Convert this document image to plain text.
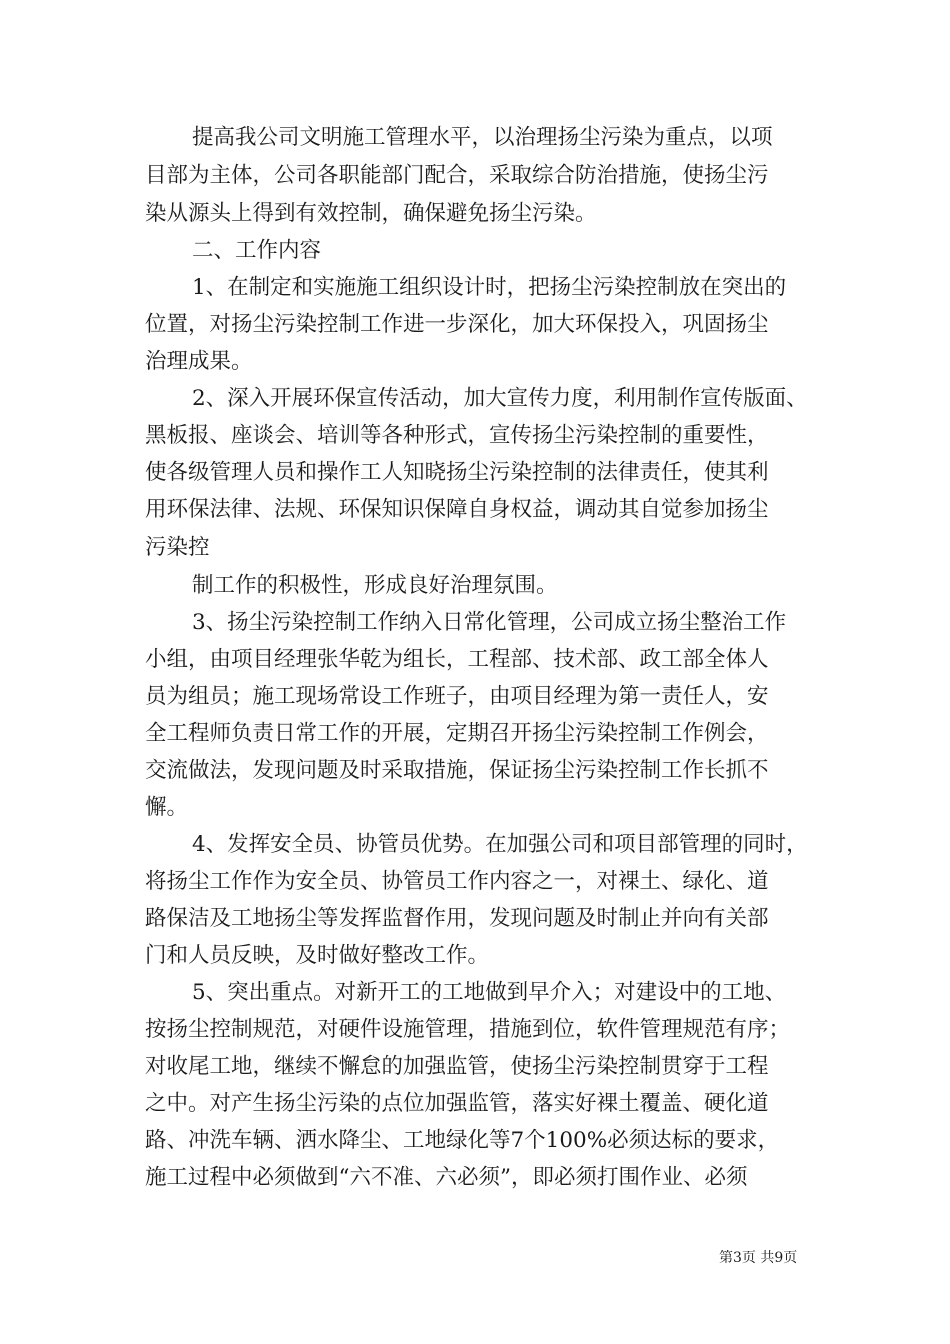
提高我公司文明施工管理水平，以治理扬尘污染为重点，以项
目部为主体，公司各职能部门配合，采取综合防治措施，使扬尘污
染从源头上得到有效控制，确保避免扬尘污染。
二、工作内容
1、在制定和实施施工组织设计时，把扬尘污染控制放在突出的
位置，对扬尘污染控制工作进一步深化，加大环保投入，巩固扬尘
治理成果。
2、深入开展环保宣传活动，加大宣传力度，利用制作宣传版面、
黑板报、座谈会、培训等各种形式，宣传扬尘污染控制的重要性，
使各级管理人员和操作工人知晓扬尘污染控制的法律责任，使其利
用环保法律、法规、环保知识保障自身权益，调动其自觉参加扬尘
污染控
制工作的积极性，形成良好治理氛围。
3、扬尘污染控制工作纳入日常化管理，公司成立扬尘整治工作
小组，由项目经理张华乾为组长，工程部、技术部、政工部全体人
员为组员；施工现场常设工作班子，由项目经理为第一责任人，安
全工程师负责日常工作的开展，定期召开扬尘污染控制工作例会，
交流做法，发现问题及时采取措施，保证扬尘污染控制工作长抓不
懈。
4、发挥安全员、协管员优势。在加强公司和项目部管理的同时，
将扬尘工作作为安全员、协管员工作内容之一，对裸土、绿化、道
路保洁及工地扬尘等发挥监督作用，发现问题及时制止并向有关部
门和人员反映，及时做好整改工作。
5、突出重点。对新开工的工地做到早介入；对建设中的工地、
按扬尘控制规范，对硬件设施管理，措施到位，软件管理规范有序；
对收尾工地，继续不懈怠的加强监管，使扬尘污染控制贯穿于工程
之中。对产生扬尘污染的点位加强监管，落实好裸土覆盖、硬化道
路、冲洗车辆、洒水降尘、工地绿化等7个100%必须达标的要求，
施工过程中必须做到“六不准、六必须”，即必须打围作业、必须
第3页 共9页
